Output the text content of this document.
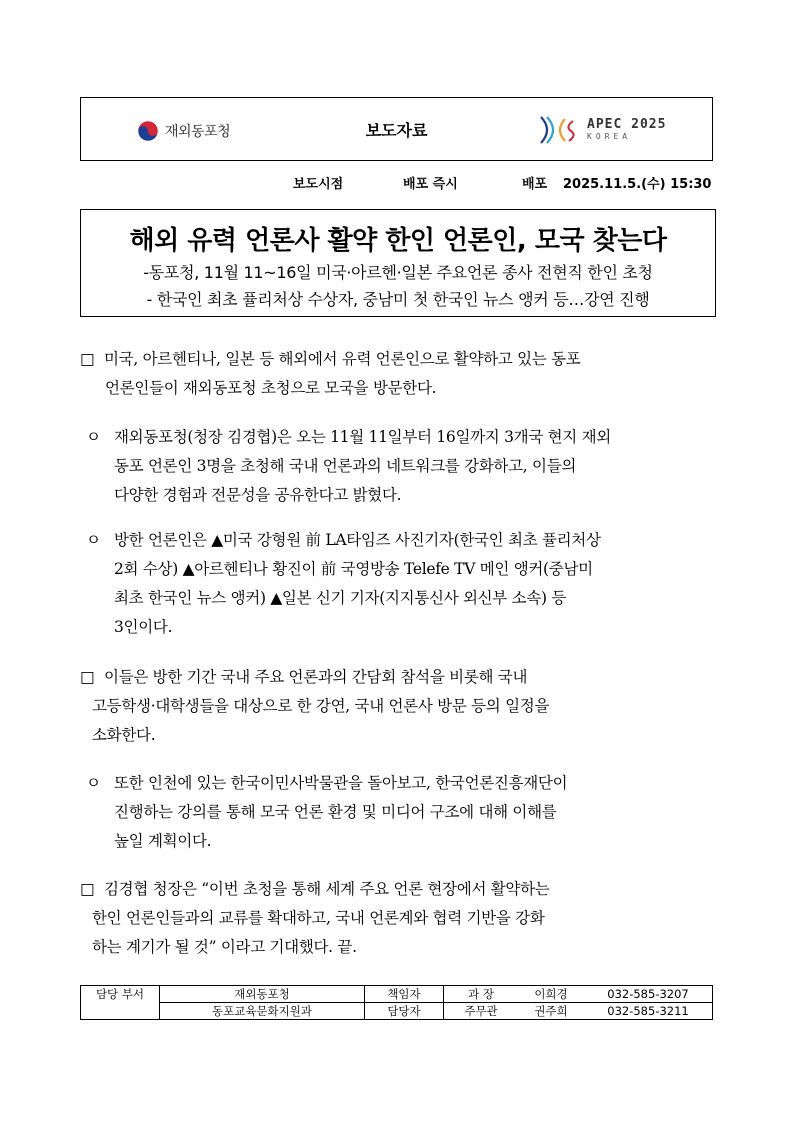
재외동포청	보도자료	APEC 2025
KOREA
보도시점	배포 즉시	배포 2025.11.5.(수) 15:30
해외 유력 언론사 활약 한인 언론인, 모국 찾는다
-동포청, 11월 11~16일 미국·아르헨·일본 주요언론 종사 전현직 한인 초청
- 한국인 최초 퓰리처상 수상자, 중남미 첫 한국인 뉴스 앵커 등…강연 진행
□ 미국, 아르헨티나, 일본 등 해외에서 유력 언론인으로 활약하고 있는 동포
언론인들이 재외동포청 초청으로 모국을 방문한다.
ㅇ 재외동포청(청장 김경협)은 오는 11월 11일부터 16일까지 3개국 현지 재외
동포 언론인 3명을 초청해 국내 언론과의 네트워크를 강화하고, 이들의
다양한 경험과 전문성을 공유한다고 밝혔다.
ㅇ 방한 언론인은 ▲미국 강형원 前 LA타임즈 사진기자(한국인 최초 퓰리처상
2회 수상) ▲아르헨티나 황진이 前 국영방송 Telefe TV 메인 앵커(중남미
최초 한국인 뉴스 앵커) ▲일본 신기 기자(지지통신사 외신부 소속) 등
3인이다.
□ 이들은 방한 기간 국내 주요 언론과의 간담회 참석을 비롯해 국내
고등학생·대학생들을 대상으로 한 강연, 국내 언론사 방문 등의 일정을
소화한다.
ㅇ 또한 인천에 있는 한국이민사박물관을 돌아보고, 한국언론진흥재단이
진행하는 강의를 통해 모국 언론 환경 및 미디어 구조에 대해 이해를
높일 계획이다.
□ 김경협 청장은 “이번 초청을 통해 세계 주요 언론 현장에서 활약하는
한인 언론인들과의 교류를 확대하고, 국내 언론계와 협력 기반을 강화
하는 계기가 될 것” 이라고 기대했다. 끝.
담당 부서	재외동포청	책임자	과 장	이희경	032-585-3207
	동포교육문화지원과	담당자	주무관	권주희	032-585-3211
